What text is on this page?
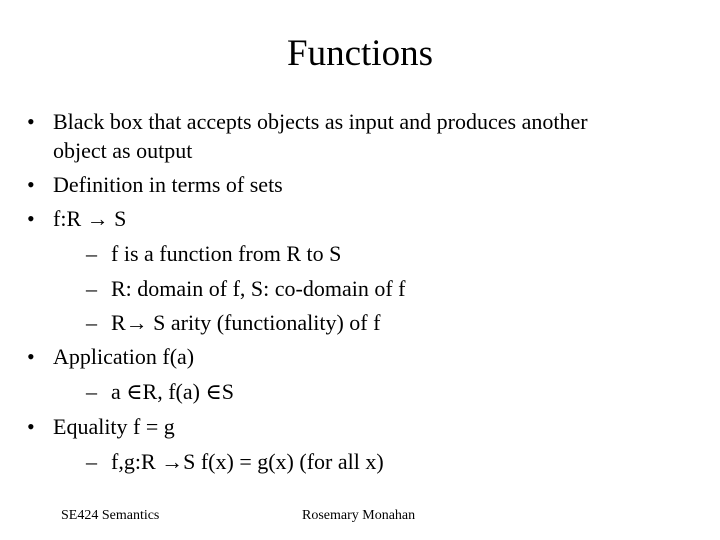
Functions
• Black box that accepts objects as input and produces another
object as output
• Definition in terms of sets
• f:R → S
– f is a function from R to S
– R: domain of f, S: co-domain of f
– R→ S arity (functionality) of f
• Application f(a)
– a ∈R, f(a) ∈S
• Equality f = g
– f,g:R →S f(x) = g(x) (for all x)
SE424 Semantics	Rosemary Monahan
